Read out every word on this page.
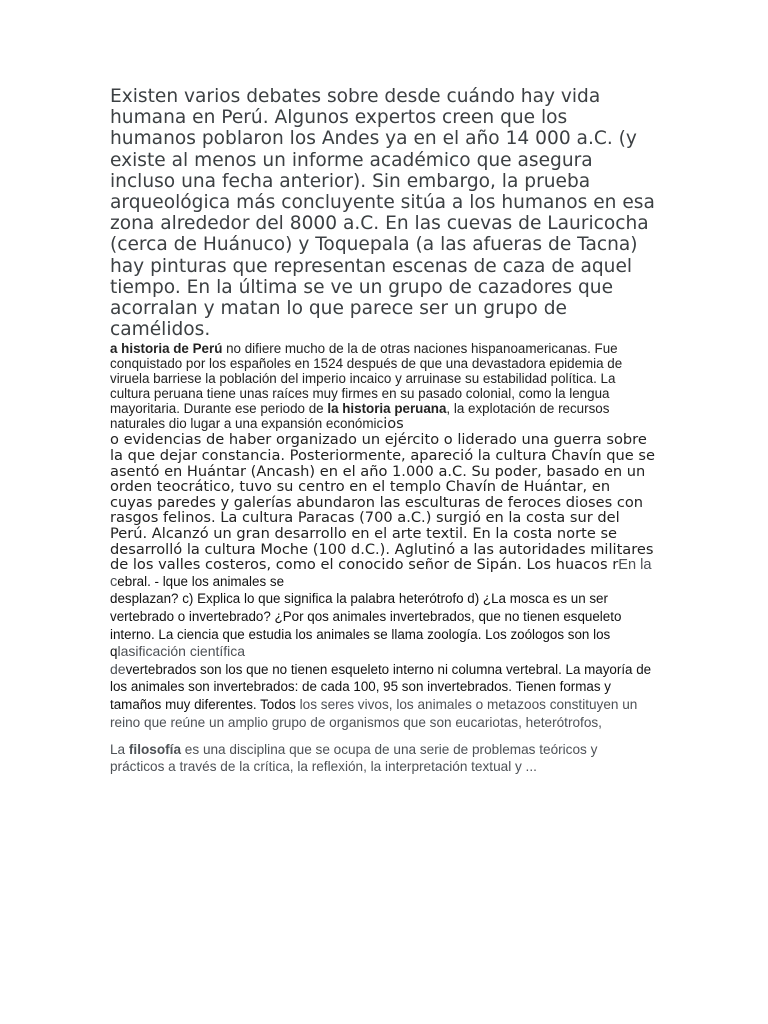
Existen varios debates sobre desde cuándo hay vida humana en Perú. Algunos expertos creen que los humanos poblaron los Andes ya en el año 14 000 a.C. (y existe al menos un informe académico que asegura incluso una fecha anterior). Sin embargo, la prueba arqueológica más concluyente sitúa a los humanos en esa zona alrededor del 8000 a.C. En las cuevas de Lauricocha (cerca de Huánuco) y Toquepala (a las afueras de Tacna) hay pinturas que representan escenas de caza de aquel tiempo. En la última se ve un grupo de cazadores que acorralan y matan lo que parece ser un grupo de camélidos.

a historia de Perú no difiere mucho de la de otras naciones hispanoamericanas. Fue conquistado por los españoles en 1524 después de que una devastadora epidemia de viruela barriese la población del imperio incaico y arruinase su estabilidad política. La cultura peruana tiene unas raíces muy firmes en su pasado colonial, como la lengua mayoritaria. Durante ese periodo de la historia peruana, la explotación de recursos naturales dio lugar a una expansión económicios

o evidencias de haber organizado un ejército o liderado una guerra sobre la que dejar constancia. Posteriormente, apareció la cultura Chavín que se asentó en Huántar (Ancash) en el año 1.000 a.C. Su poder, basado en un orden teocrático, tuvo su centro en el templo Chavín de Huántar, en cuyas paredes y galerías abundaron las esculturas de feroces dioses con rasgos felinos. La cultura Paracas (700 a.C.) surgió en la costa sur del Perú. Alcanzó un gran desarrollo en el arte textil. En la costa norte se desarrolló la cultura Moche (100 d.C.). Aglutinó a las autoridades militares de los valles costeros, como el conocido señor de Sipán. Los huacos rEn la cebral. - lque los animales se

desplazan? c) Explica lo que significa la palabra heterótrofo d) ¿La mosca es un ser vertebrado o invertebrado? ¿Por qos animales invertebrados, que no tienen esqueleto interno. La ciencia que estudia los animales se llama zoología. Los zoólogos son los qlasificación científica
devertebrados son los que no tienen esqueleto interno ni columna vertebral. La mayoría de los animales son invertebrados: de cada 100, 95 son invertebrados. Tienen formas y tamaños muy diferentes. Todos los seres vivos, los animales o metazoos constituyen un reino que reúne un amplio grupo de organismos que son eucariotas, heterótrofos,

La filosofía es una disciplina que se ocupa de una serie de problemas teóricos y prácticos a través de la crítica, la reflexión, la interpretación textual y ...
